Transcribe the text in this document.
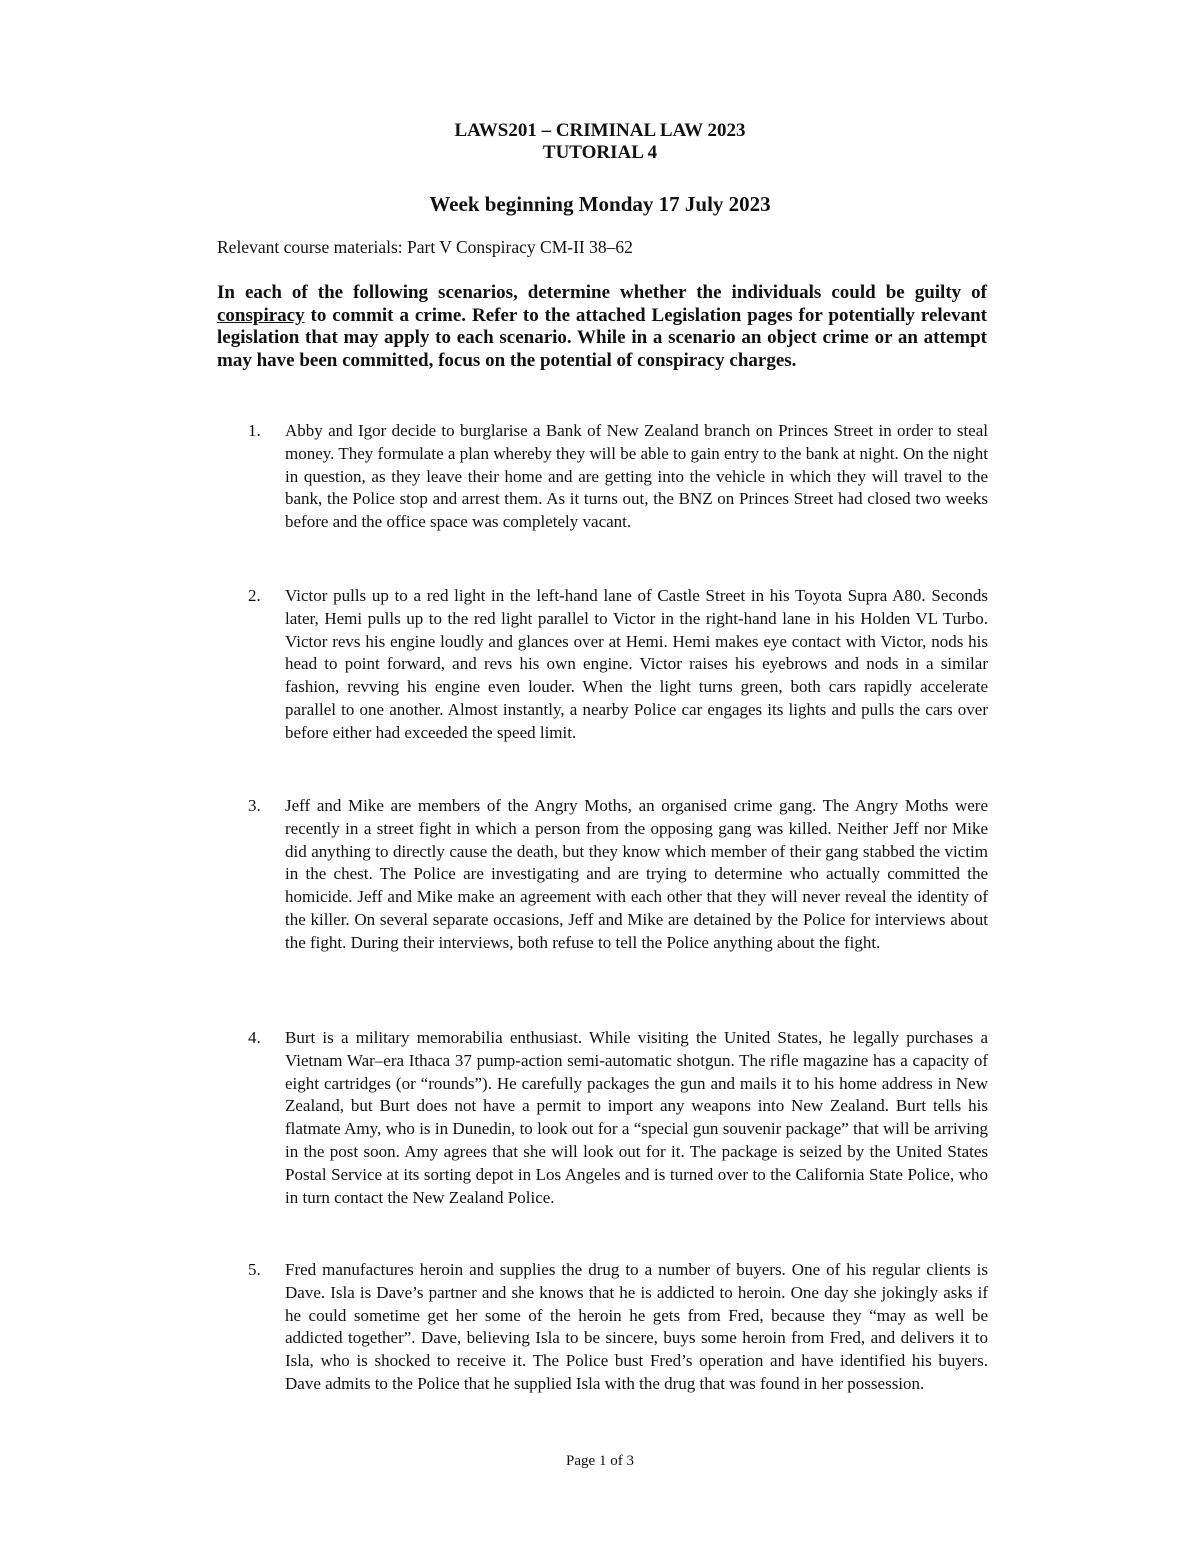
LAWS201 – CRIMINAL LAW 2023
TUTORIAL 4
Week beginning Monday 17 July 2023
Relevant course materials: Part V Conspiracy CM-II 38–62
In each of the following scenarios, determine whether the individuals could be guilty of conspiracy to commit a crime. Refer to the attached Legislation pages for potentially relevant legislation that may apply to each scenario. While in a scenario an object crime or an attempt may have been committed, focus on the potential of conspiracy charges.
1.	Abby and Igor decide to burglarise a Bank of New Zealand branch on Princes Street in order to steal money. They formulate a plan whereby they will be able to gain entry to the bank at night. On the night in question, as they leave their home and are getting into the vehicle in which they will travel to the bank, the Police stop and arrest them. As it turns out, the BNZ on Princes Street had closed two weeks before and the office space was completely vacant.
2.	Victor pulls up to a red light in the left-hand lane of Castle Street in his Toyota Supra A80. Seconds later, Hemi pulls up to the red light parallel to Victor in the right-hand lane in his Holden VL Turbo. Victor revs his engine loudly and glances over at Hemi. Hemi makes eye contact with Victor, nods his head to point forward, and revs his own engine. Victor raises his eyebrows and nods in a similar fashion, revving his engine even louder. When the light turns green, both cars rapidly accelerate parallel to one another. Almost instantly, a nearby Police car engages its lights and pulls the cars over before either had exceeded the speed limit.
3.	Jeff and Mike are members of the Angry Moths, an organised crime gang. The Angry Moths were recently in a street fight in which a person from the opposing gang was killed. Neither Jeff nor Mike did anything to directly cause the death, but they know which member of their gang stabbed the victim in the chest. The Police are investigating and are trying to determine who actually committed the homicide. Jeff and Mike make an agreement with each other that they will never reveal the identity of the killer. On several separate occasions, Jeff and Mike are detained by the Police for interviews about the fight. During their interviews, both refuse to tell the Police anything about the fight.
4.	Burt is a military memorabilia enthusiast. While visiting the United States, he legally purchases a Vietnam War–era Ithaca 37 pump-action semi-automatic shotgun. The rifle magazine has a capacity of eight cartridges (or “rounds”). He carefully packages the gun and mails it to his home address in New Zealand, but Burt does not have a permit to import any weapons into New Zealand. Burt tells his flatmate Amy, who is in Dunedin, to look out for a “special gun souvenir package” that will be arriving in the post soon. Amy agrees that she will look out for it. The package is seized by the United States Postal Service at its sorting depot in Los Angeles and is turned over to the California State Police, who in turn contact the New Zealand Police.
5.	Fred manufactures heroin and supplies the drug to a number of buyers. One of his regular clients is Dave. Isla is Dave’s partner and she knows that he is addicted to heroin. One day she jokingly asks if he could sometime get her some of the heroin he gets from Fred, because they “may as well be addicted together”. Dave, believing Isla to be sincere, buys some heroin from Fred, and delivers it to Isla, who is shocked to receive it. The Police bust Fred’s operation and have identified his buyers. Dave admits to the Police that he supplied Isla with the drug that was found in her possession.
Page 1 of 3
